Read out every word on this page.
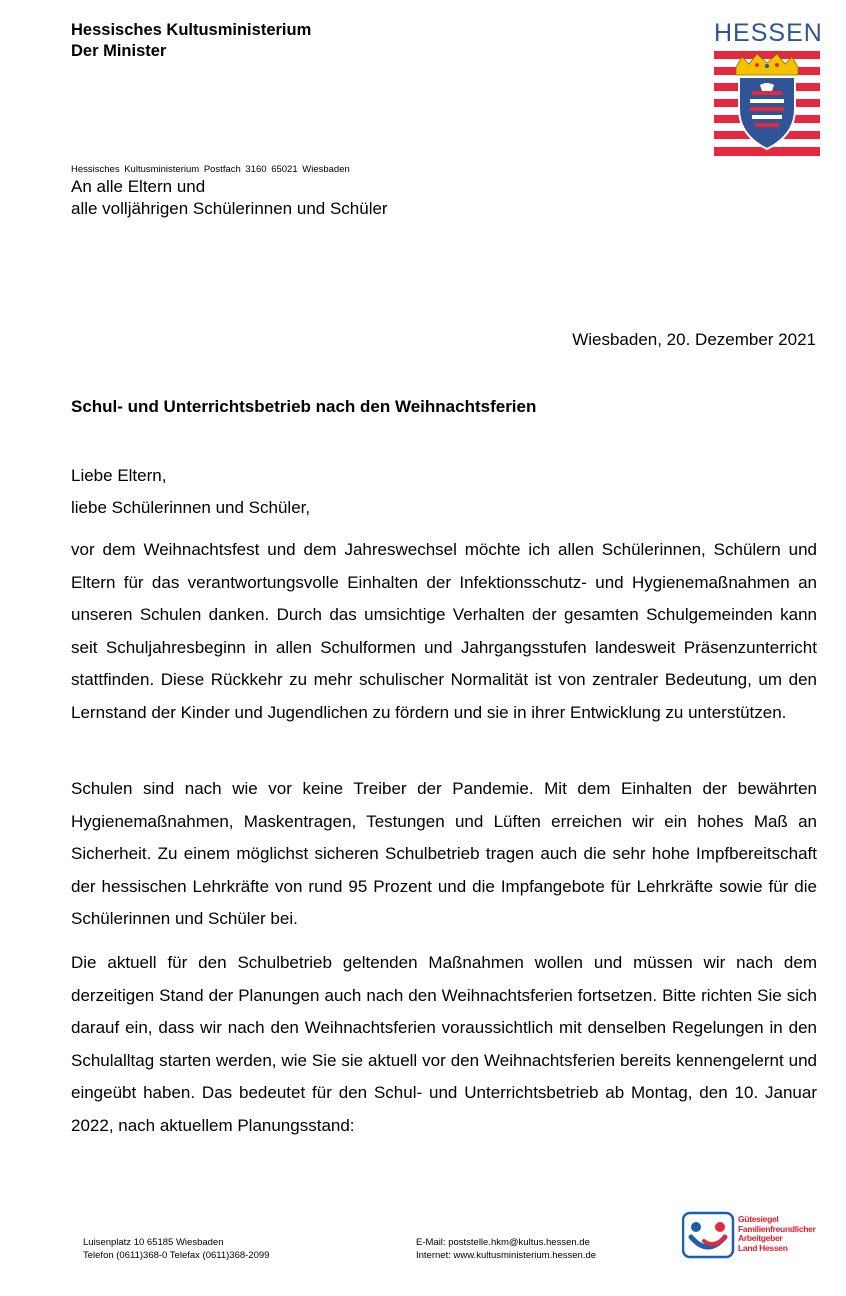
Hessisches Kultusministerium
Der Minister
HESSEN
Hessisches Kultusministerium Postfach 3160 65021 Wiesbaden
An alle Eltern und
alle volljährigen Schülerinnen und Schüler
Wiesbaden, 20. Dezember 2021
Schul- und Unterrichtsbetrieb nach den Weihnachtsferien
Liebe Eltern,
liebe Schülerinnen und Schüler,

vor dem Weihnachtsfest und dem Jahreswechsel möchte ich allen Schülerinnen, Schülern und Eltern für das verantwortungsvolle Einhalten der Infektionsschutz- und Hygienemaßnahmen an unseren Schulen danken. Durch das umsichtige Verhalten der gesamten Schulgemeinden kann seit Schuljahresbeginn in allen Schulformen und Jahrgangsstufen landesweit Präsenzunterricht stattfinden. Diese Rückkehr zu mehr schulischer Normalität ist von zentraler Bedeutung, um den Lernstand der Kinder und Jugendlichen zu fördern und sie in ihrer Entwicklung zu unterstützen.

Schulen sind nach wie vor keine Treiber der Pandemie. Mit dem Einhalten der bewährten Hygienemaßnahmen, Maskentragen, Testungen und Lüften erreichen wir ein hohes Maß an Sicherheit. Zu einem möglichst sicheren Schulbetrieb tragen auch die sehr hohe Impfbereitschaft der hessischen Lehrkräfte von rund 95 Prozent und die Impfangebote für Lehrkräfte sowie für die Schülerinnen und Schüler bei.

Die aktuell für den Schulbetrieb geltenden Maßnahmen wollen und müssen wir nach dem derzeitigen Stand der Planungen auch nach den Weihnachtsferien fortsetzen. Bitte richten Sie sich darauf ein, dass wir nach den Weihnachtsferien voraussichtlich mit denselben Regelungen in den Schulalltag starten werden, wie Sie sie aktuell vor den Weihnachtsferien bereits kennengelernt und eingeübt haben. Das bedeutet für den Schul- und Unterrichtsbetrieb ab Montag, den 10. Januar 2022, nach aktuellem Planungsstand:

Luisenplatz 10 65185 Wiesbaden
Telefon (0611)368-0 Telefax (0611)368-2099
E-Mail: poststelle.hkm@kultus.hessen.de
Internet: www.kultusministerium.hessen.de
Gütesiegel
Familienfreundlicher
Arbeitgeber
Land Hessen
